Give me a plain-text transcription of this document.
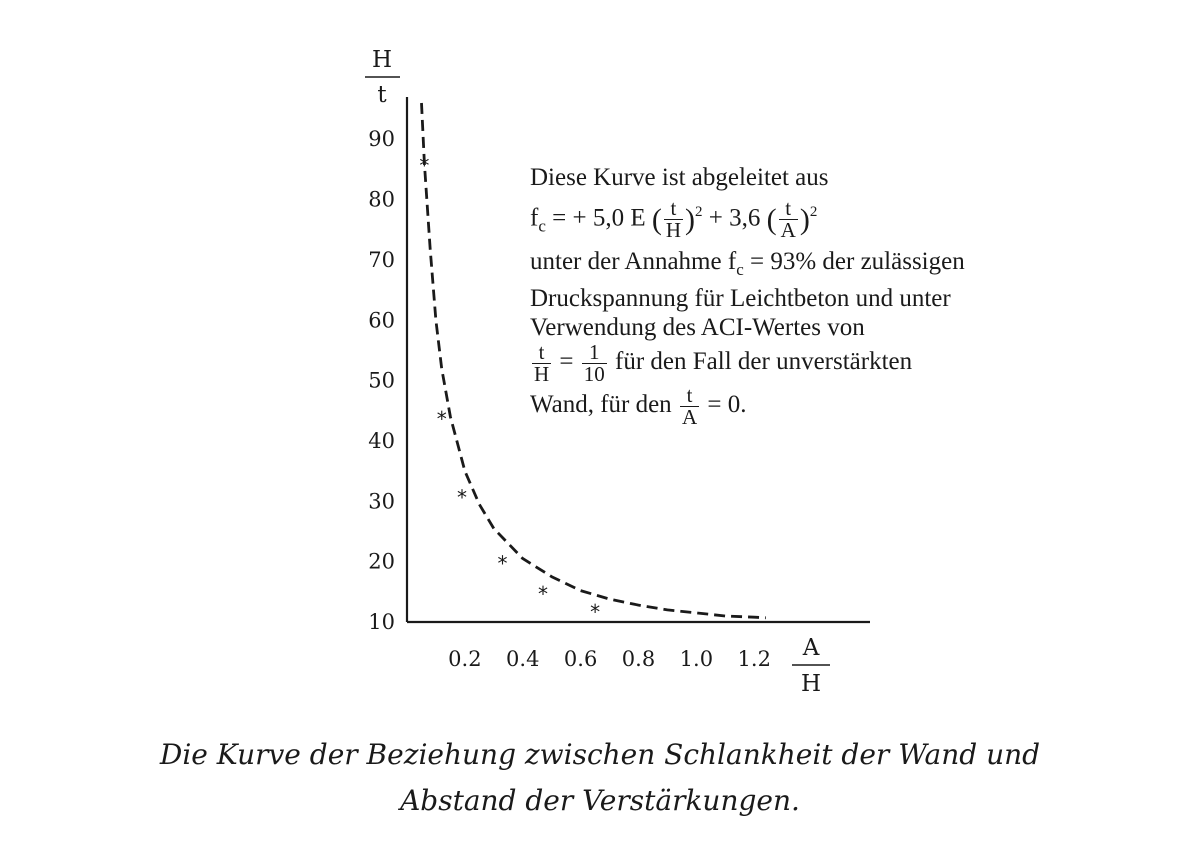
10
20
30
40
50
60
70
80
90
0.2 0.4 0.6 0.8 1.0 1.2
*
*
*
*
*
*
H
t
A
H
Diese Kurve ist abgeleitet aus
$f_c$ = + 5,0 E ( $\frac{t}{H} )^2 + 3,6$ ( $\frac{t}{A} )^2$
unter der Annahme $f_c = 93\%$ der zulässigen
Druckspannung für Leichtbeton und unter
Verwendung des ACI-Wertes von
$\frac{t}{H} = \frac{1}{10}$ für den Fall der unverstärkten
Wand, für den $\frac{t}{A} = 0$.
Die Kurve der Beziehung zwischen Schlankheit der Wand und
Abstand der Verstärkungen.
